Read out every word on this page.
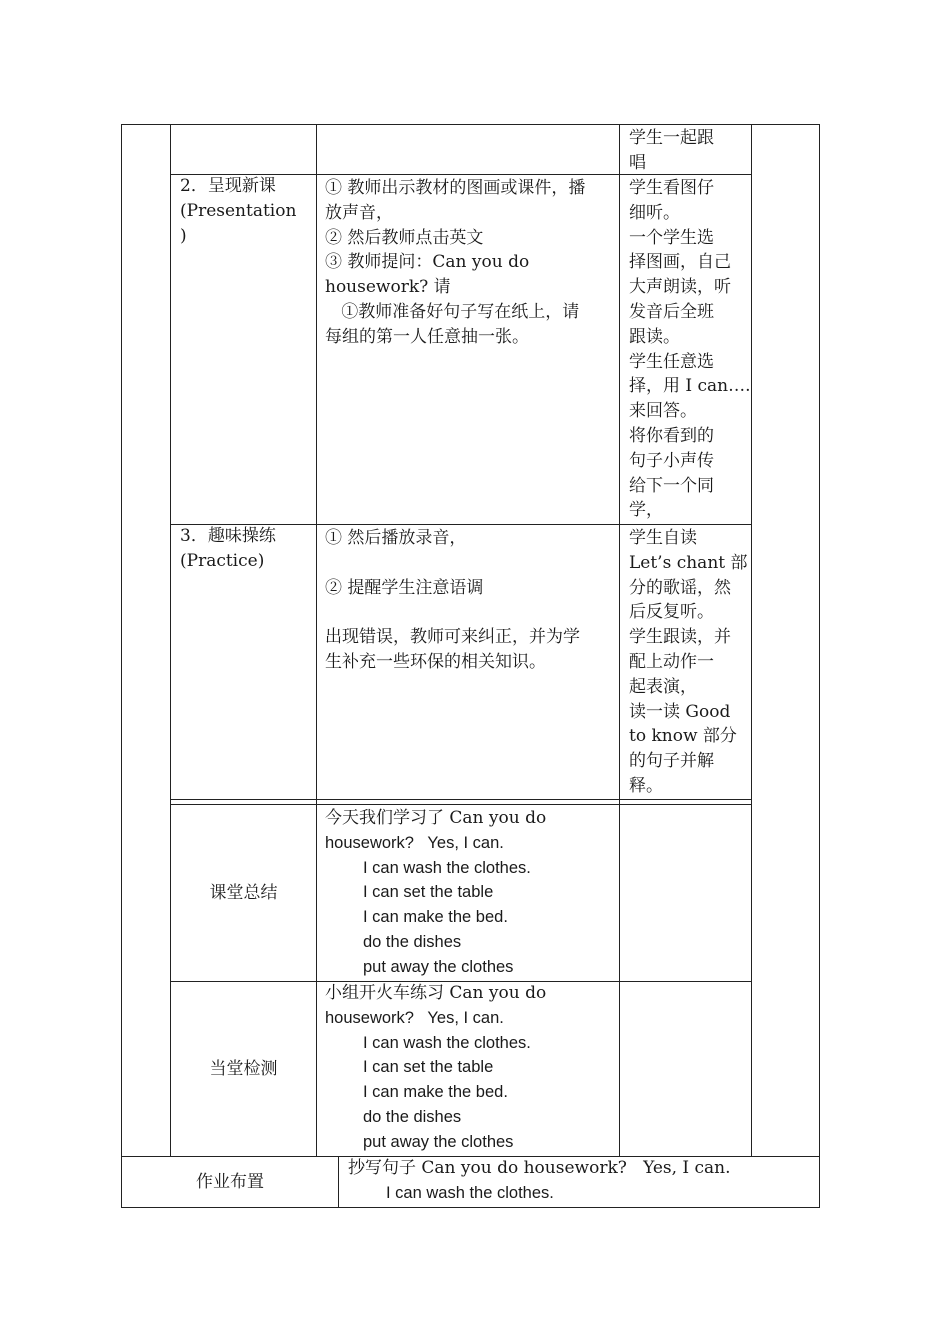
学生一起跟
唱
2．呈现新课
(Presentation
)
① 教师出示教材的图画或课件，播
放声音，
② 然后教师点击英文
③ 教师提问：Can you do
housework? 请
①教师准备好句子写在纸上，请
每组的第一人任意抽一张。
学生看图仔
细听。
一个学生选
择图画，自己
大声朗读，听
发音后全班
跟读。
学生任意选
择，用 I can….
来回答。
将你看到的
句子小声传
给下一个同
学，
3．趣味操练
(Practice)
① 然后播放录音，

② 提醒学生注意语调

出现错误，教师可来纠正，并为学
生补充一些环保的相关知识。
学生自读
Let’s chant 部
分的歌谣，然
后反复听。
学生跟读，并
配上动作一
起表演，
读一读 Good
to know 部分
的句子并解
释。
课堂总结
今天我们学习了 Can you do
housework?   Yes, I can.
I can wash the clothes.
I can set the table
I can make the bed.
do the dishes
put away the clothes
当堂检测
小组开火车练习 Can you do
housework?   Yes, I can.
I can wash the clothes.
I can set the table
I can make the bed.
do the dishes
put away the clothes
作业布置
抄写句子 Can you do housework?   Yes, I can.
I can wash the clothes.
